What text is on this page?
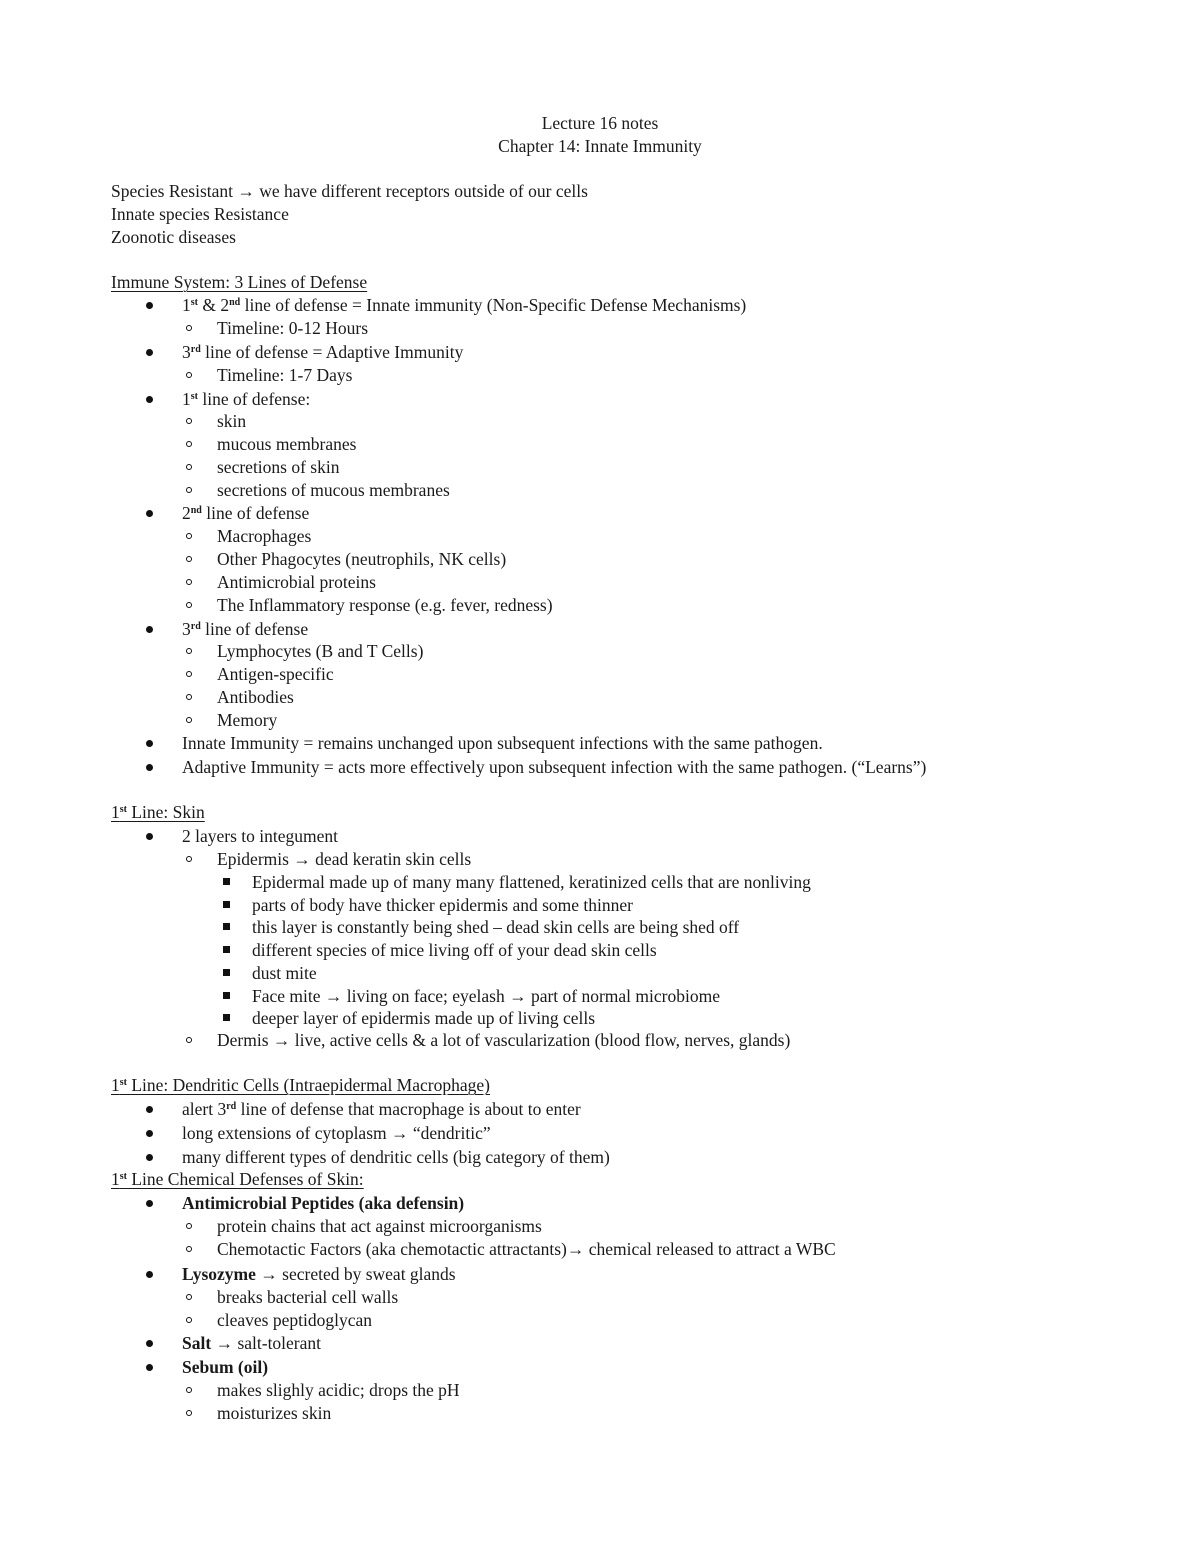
Lecture 16 notes
Chapter 14: Innate Immunity
Species Resistant → we have different receptors outside of our cells
Innate species Resistance
Zoonotic diseases
Immune System: 3 Lines of Defense
1st & 2nd line of defense = Innate immunity (Non-Specific Defense Mechanisms)
Timeline: 0-12 Hours
3rd line of defense = Adaptive Immunity
Timeline: 1-7 Days
1st line of defense:
skin
mucous membranes
secretions of skin
secretions of mucous membranes
2nd line of defense
Macrophages
Other Phagocytes (neutrophils, NK cells)
Antimicrobial proteins
The Inflammatory response (e.g. fever, redness)
3rd line of defense
Lymphocytes (B and T Cells)
Antigen-specific
Antibodies
Memory
Innate Immunity = remains unchanged upon subsequent infections with the same pathogen.
Adaptive Immunity = acts more effectively upon subsequent infection with the same pathogen. (“Learns”)
1st Line: Skin
2 layers to integument
Epidermis → dead keratin skin cells
Epidermal made up of many many flattened, keratinized cells that are nonliving
parts of body have thicker epidermis and some thinner
this layer is constantly being shed – dead skin cells are being shed off
different species of mice living off of your dead skin cells
dust mite
Face mite → living on face; eyelash → part of normal microbiome
deeper layer of epidermis made up of living cells
Dermis → live, active cells & a lot of vascularization (blood flow, nerves, glands)
1st Line: Dendritic Cells (Intraepidermal Macrophage)
alert 3rd line of defense that macrophage is about to enter
long extensions of cytoplasm → “dendritic”
many different types of dendritic cells (big category of them)
1st Line Chemical Defenses of Skin:
Antimicrobial Peptides (aka defensin)
protein chains that act against microorganisms
Chemotactic Factors (aka chemotactic attractants)→ chemical released to attract a WBC
Lysozyme → secreted by sweat glands
breaks bacterial cell walls
cleaves peptidoglycan
Salt → salt-tolerant
Sebum (oil)
makes slighly acidic; drops the pH
moisturizes skin
